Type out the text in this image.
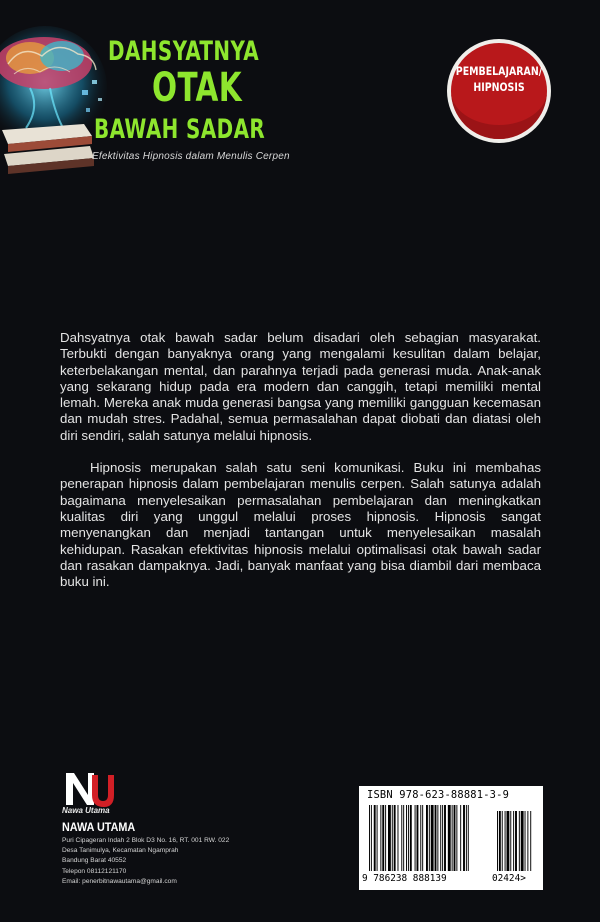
DAHSYATNYA
OTAK
BAWAH SADAR
Efektivitas Hipnosis dalam Menulis Cerpen
PEMBELAJARAN/
HIPNOSIS

Dahsyatnya otak bawah sadar belum disadari oleh sebagian masyarakat. Terbukti dengan banyaknya orang yang mengalami kesulitan dalam belajar, keterbelakangan mental, dan parahnya terjadi pada generasi muda. Anak-anak yang sekarang hidup pada era modern dan canggih, tetapi memiliki mental lemah. Mereka anak muda generasi bangsa yang memiliki gangguan kecemasan dan mudah stres. Padahal, semua permasalahan dapat diobati dan diatasi oleh diri sendiri, salah satunya melalui hipnosis.

Hipnosis merupakan salah satu seni komunikasi. Buku ini membahas penerapan hipnosis dalam pembelajaran menulis cerpen. Salah satunya adalah bagaimana menyelesaikan permasalahan pembelajaran dan meningkatkan kualitas diri yang unggul melalui proses hipnosis. Hipnosis sangat menyenangkan dan menjadi tantangan untuk menyelesaikan masalah kehidupan. Rasakan efektivitas hipnosis melalui optimalisasi otak bawah sadar dan rasakan dampaknya. Jadi, banyak manfaat yang bisa diambil dari membaca buku ini.

Nawa Utama
NAWA UTAMA
Puri Cipageran Indah 2 Blok D3 No. 16, RT. 001 RW. 022
Desa Tanimulya, Kecamatan Ngamprah
Bandung Barat 40552
Telepon 08112121170
Email: penerbitnawautama@gmail.com
ISBN 978-623-88881-3-9
9 786238 888139	02424>
